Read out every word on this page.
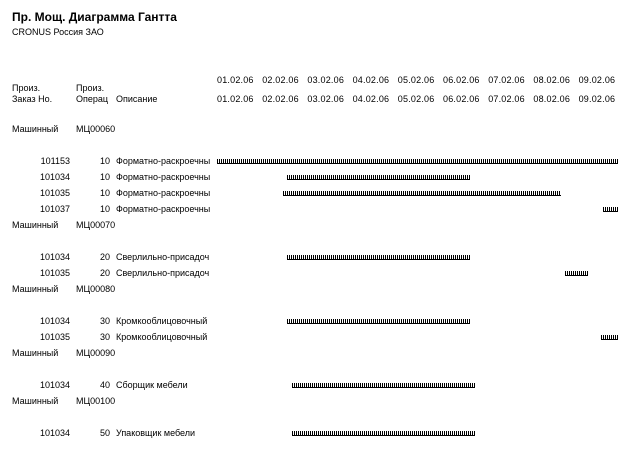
Пр. Мощ. Диаграмма Гантта
CRONUS Россия ЗАО
Произ.
Заказ Но.
Произ.
Операц Описание
01.02.06 02.02.06 03.02.06 04.02.06 05.02.06 06.02.06 07.02.06 08.02.06 09.02.06
01.02.06 02.02.06 03.02.06 04.02.06 05.02.06 06.02.06 07.02.06 08.02.06 09.02.06
Машинный МЦ00060
101153	10 Форматно-раскроечны
101034	10 Форматно-раскроечны
101035	10 Форматно-раскроечны
101037	10 Форматно-раскроечны
Машинный МЦ00070
101034	20 Сверлильно-присадоч
101035	20 Сверлильно-присадоч
Машинный МЦ00080
101034	30 Кромкооблицовочный
101035	30 Кромкооблицовочный
Машинный МЦ00090
101034	40 Сборщик мебели
Машинный МЦ00100
101034	50 Упаковщик мебели
